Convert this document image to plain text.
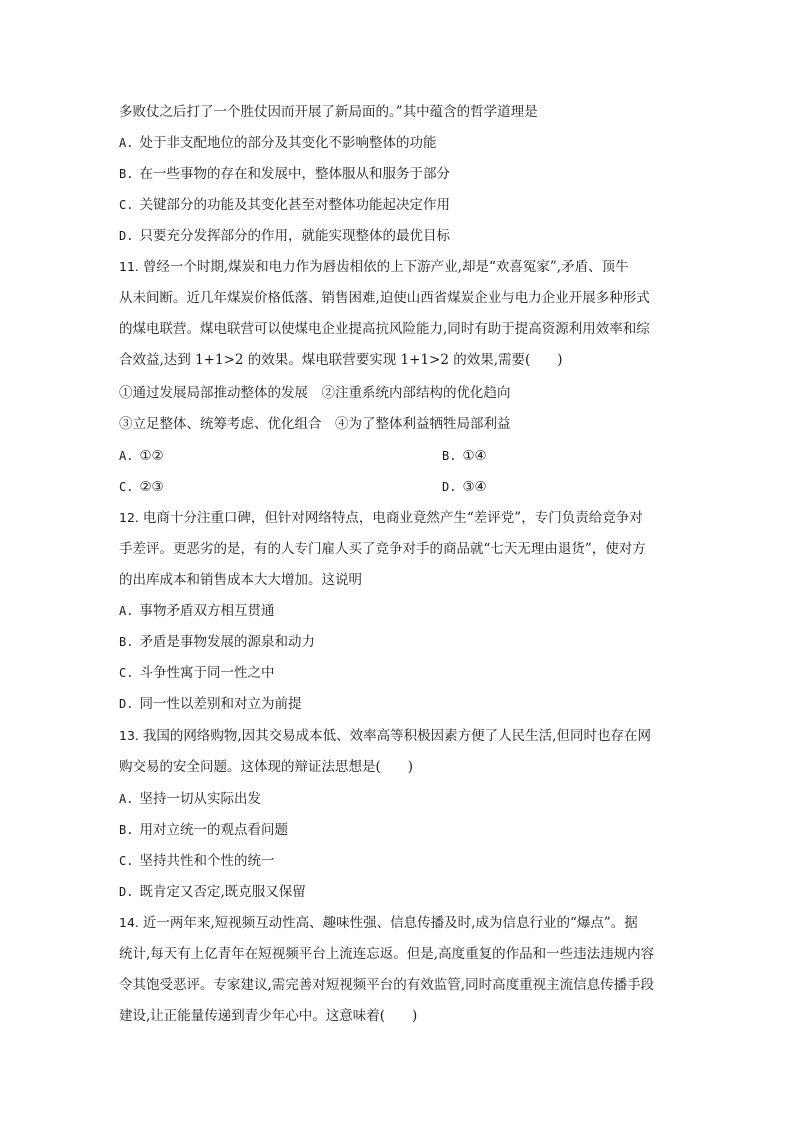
多败仗之后打了一个胜仗因而开展了新局面的。”其中蕴含的哲学道理是
A. 处于非支配地位的部分及其变化不影响整体的功能
B. 在一些事物的存在和发展中，整体服从和服务于部分
C. 关键部分的功能及其变化甚至对整体功能起决定作用
D. 只要充分发挥部分的作用，就能实现整体的最优目标
11. 曾经一个时期,煤炭和电力作为唇齿相依的上下游产业,却是“欢喜冤家”,矛盾、顶牛
从未间断。近几年煤炭价格低落、销售困难,迫使山西省煤炭企业与电力企业开展多种形式
的煤电联营。煤电联营可以使煤电企业提高抗风险能力,同时有助于提高资源利用效率和综
合效益,达到 1+1>2 的效果。煤电联营要实现 1+1>2 的效果,需要(　　)
①通过发展局部推动整体的发展　②注重系统内部结构的优化趋向
③立足整体、统筹考虑、优化组合　④为了整体利益牺牲局部利益
A. ①②	B. ①④
C. ②③	D. ③④
12. 电商十分注重口碑，但针对网络特点，电商业竟然产生“差评党”，专门负责给竞争对
手差评。更恶劣的是，有的人专门雇人买了竞争对手的商品就“七天无理由退货”，使对方
的出库成本和销售成本大大增加。这说明
A. 事物矛盾双方相互贯通
B. 矛盾是事物发展的源泉和动力
C. 斗争性寓于同一性之中
D. 同一性以差别和对立为前提
13. 我国的网络购物,因其交易成本低、效率高等积极因素方便了人民生活,但同时也存在网
购交易的安全问题。这体现的辩证法思想是(　　)
A. 坚持一切从实际出发
B. 用对立统一的观点看问题
C. 坚持共性和个性的统一
D. 既肯定又否定,既克服又保留
14. 近一两年来,短视频互动性高、趣味性强、信息传播及时,成为信息行业的“爆点”。据
统计,每天有上亿青年在短视频平台上流连忘返。但是,高度重复的作品和一些违法违规内容
令其饱受恶评。专家建议,需完善对短视频平台的有效监管,同时高度重视主流信息传播手段
建设,让正能量传递到青少年心中。这意味着(　　)
